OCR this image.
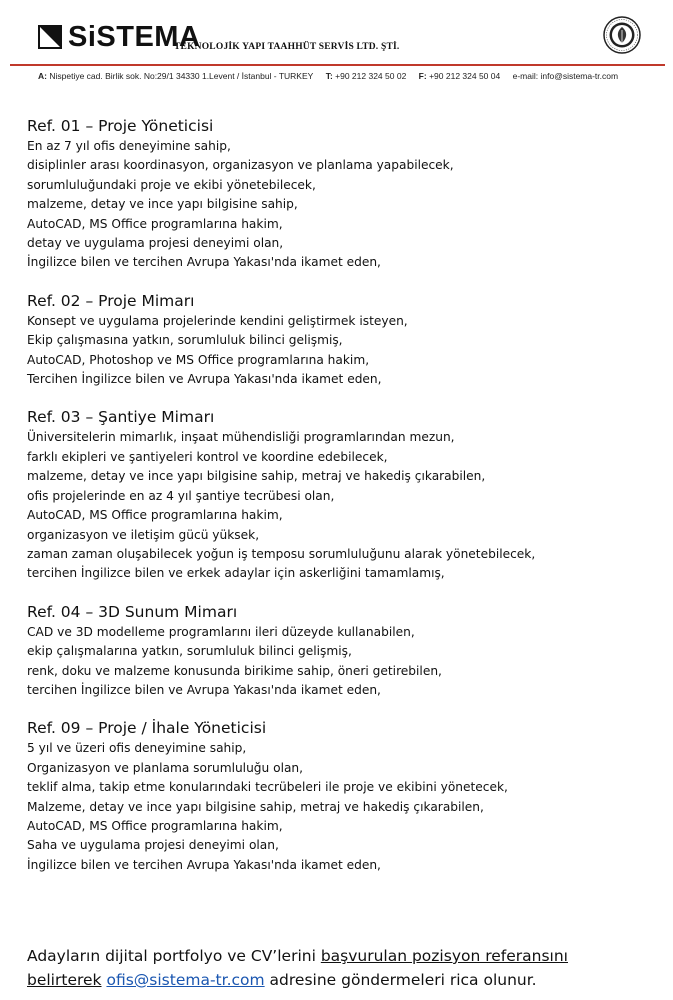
SiSTEMA
TEKNOLOJİK YAPI TAAHHÜT SERVİS LTD. ŞTİ.
A: Nispetiye cad. Birlik sok. No:29/1 34330 1.Levent / İstanbul - TURKEY T: +90 212 324 50 02 F: +90 212 324 50 04 e-mail: info@sistema-tr.com

Ref. 01 – Proje Yöneticisi

En az 7 yıl ofis deneyimine sahip,

disiplinler arası koordinasyon, organizasyon ve planlama yapabilecek,

sorumluluğundaki proje ve ekibi yönetebilecek,

malzeme, detay ve ince yapı bilgisine sahip,

AutoCAD, MS Office programlarına hakim,

detay ve uygulama projesi deneyimi olan,

İngilizce bilen ve tercihen Avrupa Yakası'nda ikamet eden,

Ref. 02 – Proje Mimarı

Konsept ve uygulama projelerinde kendini geliştirmek isteyen,

Ekip çalışmasına yatkın, sorumluluk bilinci gelişmiş,

AutoCAD, Photoshop ve MS Office programlarına hakim,

Tercihen İngilizce bilen ve Avrupa Yakası'nda ikamet eden,

Ref. 03 – Şantiye Mimarı

Üniversitelerin mimarlık, inşaat mühendisliği programlarından mezun,

farklı ekipleri ve şantiyeleri kontrol ve koordine edebilecek,

malzeme, detay ve ince yapı bilgisine sahip, metraj ve hakediş çıkarabilen,

ofis projelerinde en az 4 yıl şantiye tecrübesi olan,

AutoCAD, MS Office programlarına hakim,

organizasyon ve iletişim gücü yüksek,

zaman zaman oluşabilecek yoğun iş temposu sorumluluğunu alarak yönetebilecek,

tercihen İngilizce bilen ve erkek adaylar için askerliğini tamamlamış,

Ref. 04 – 3D Sunum Mimarı

CAD ve 3D modelleme programlarını ileri düzeyde kullanabilen,

ekip çalışmalarına yatkın, sorumluluk bilinci gelişmiş,

renk, doku ve malzeme konusunda birikime sahip, öneri getirebilen,

tercihen İngilizce bilen ve Avrupa Yakası'nda ikamet eden,

Ref. 09 – Proje / İhale Yöneticisi

5 yıl ve üzeri ofis deneyimine sahip,

Organizasyon ve planlama sorumluluğu olan,

teklif alma, takip etme konularındaki tecrübeleri ile proje ve ekibini yönetecek,

Malzeme, detay ve ince yapı bilgisine sahip, metraj ve hakediş çıkarabilen,

AutoCAD, MS Office programlarına hakim,

Saha ve uygulama projesi deneyimi olan,

İngilizce bilen ve tercihen Avrupa Yakası'nda ikamet eden,

Adayların dijital portfolyo ve CV’lerini başvurulan pozisyon referansını
belirterek ofis@sistema-tr.com adresine göndermeleri rica olunur.
